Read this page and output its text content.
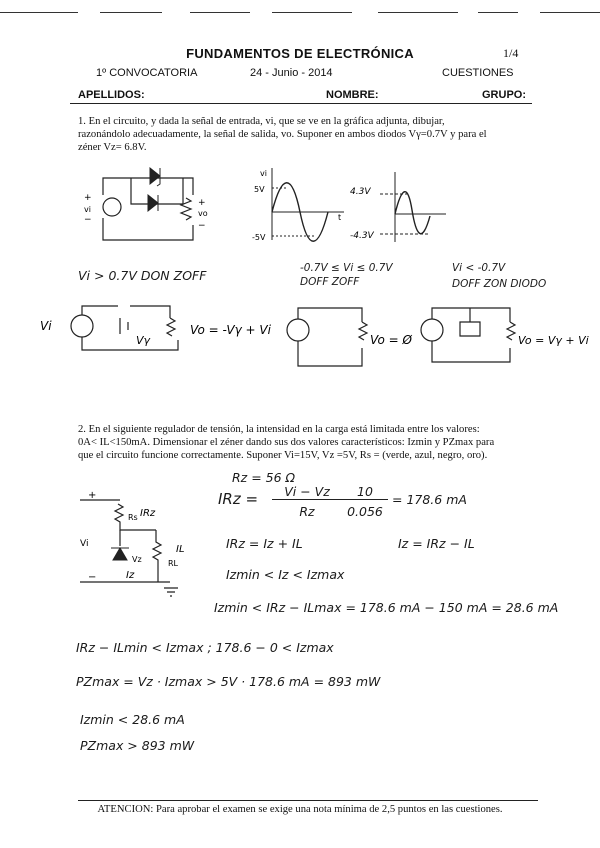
FUNDAMENTOS DE ELECTRÓNICA	1/4
1º CONVOCATORIA	24 - Junio - 2014	CUESTIONES
APELLIDOS:	NOMBRE:	GRUPO:
1. En el circuito, y dada la señal de entrada, vi, que se ve en la gráfica adjunta, dibujar,
razonándolo adecuadamente, la señal de salida, vo. Suponer en ambos diodos Vγ=0.7V y para el
zéner Vz= 6.8V.
+
−
vi
+
vo
−
vi
5V
-5V
t
4.3V
-4.3V
Vi > 0.7V DON ZOFF	-0.7V ≤ Vi ≤ 0.7V
DOFF ZOFF
Vi < -0.7V
DOFF ZON DIODO
Vi
Vγ
Vo = -Vγ + Vi
Vo = Ø	Vo = Vγ + Vi
2. En el siguiente regulador de tensión, la intensidad en la carga está limitada entre los valores:
0A< IL<150mA. Dimensionar el zéner dando sus dos valores característicos: Izmin y PZmax para
que el circuito funcione correctamente. Suponer Vi=15V, Vz =5V, Rs = (verde, azul, negro, oro).
+
−
Vi
Rs
Vz	RL
IRz
IL
Iz
Rz = 56 Ω
IRz =	Vi − Vz
Rz
10
0.056
= 178.6 mA
IRz = Iz + IL	Iz = IRz − IL
Izmin < Iz < Izmax
Izmin < IRz − ILmax = 178.6 mA − 150 mA = 28.6 mA
IRz − ILmin < Izmax ; 178.6 − 0 < Izmax
PZmax = Vz · Izmax > 5V · 178.6 mA = 893 mW
Izmin < 28.6 mA
PZmax > 893 mW
ATENCION: Para aprobar el examen se exige una nota mínima de 2,5 puntos en las cuestiones.
